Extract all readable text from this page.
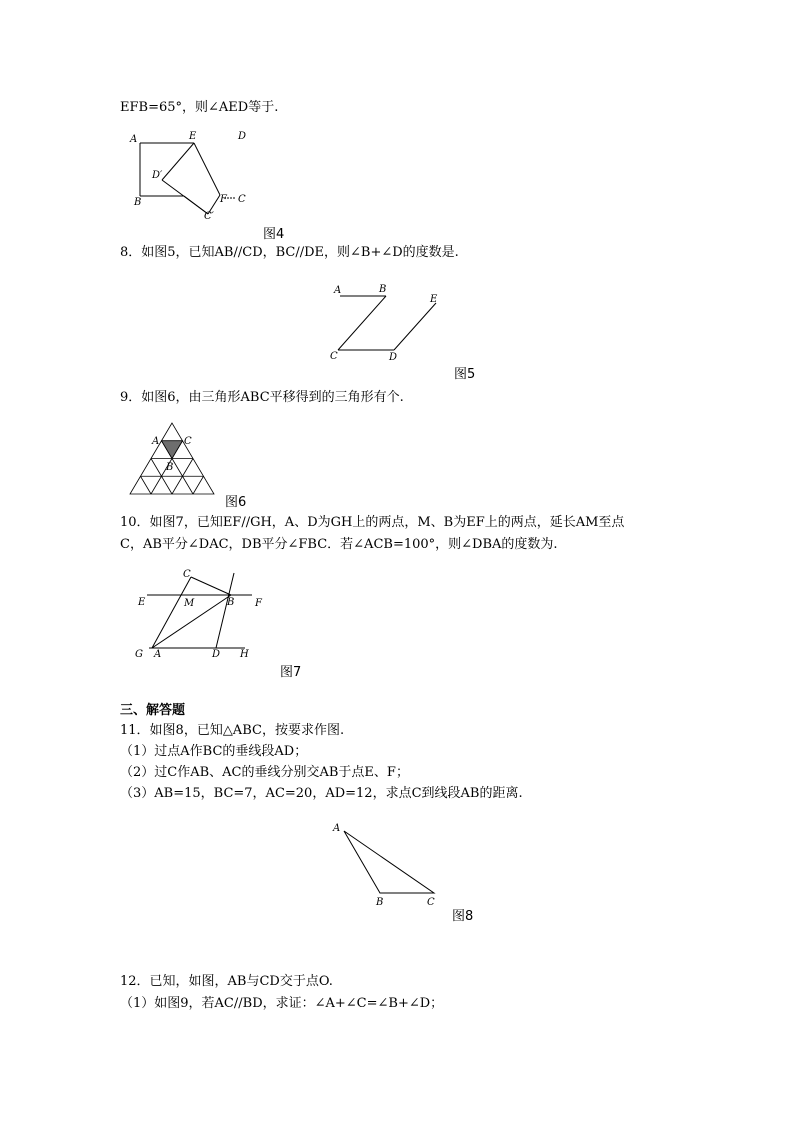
EFB=65°，则∠AED等于.
A	E	D
D′
B
C′
F C
图4
8．如图5，已知AB//CD，BC//DE，则∠B+∠D的度数是.
A	B
E
C	D
图5
9．如图6，由三角形ABC平移得到的三角形有个.
A C
B
图6
10．如图7，已知EF//GH，A、D为GH上的两点，M、B为EF上的两点，延长AM至点
C，AB平分∠DAC，DB平分∠FBC．若∠ACB=100°，则∠DBA的度数为.
C
E	M	B F
G A	D H
图7
三、解答题
11．如图8，已知△ABC，按要求作图.
（1）过点A作BC的垂线段AD；
（2）过C作AB、AC的垂线分别交AB于点E、F；
（3）AB=15，BC=7，AC=20，AD=12，求点C到线段AB的距离.
A
B	C
图8
12．已知，如图，AB与CD交于点O.
（1）如图9，若AC//BD，求证：∠A+∠C=∠B+∠D；
